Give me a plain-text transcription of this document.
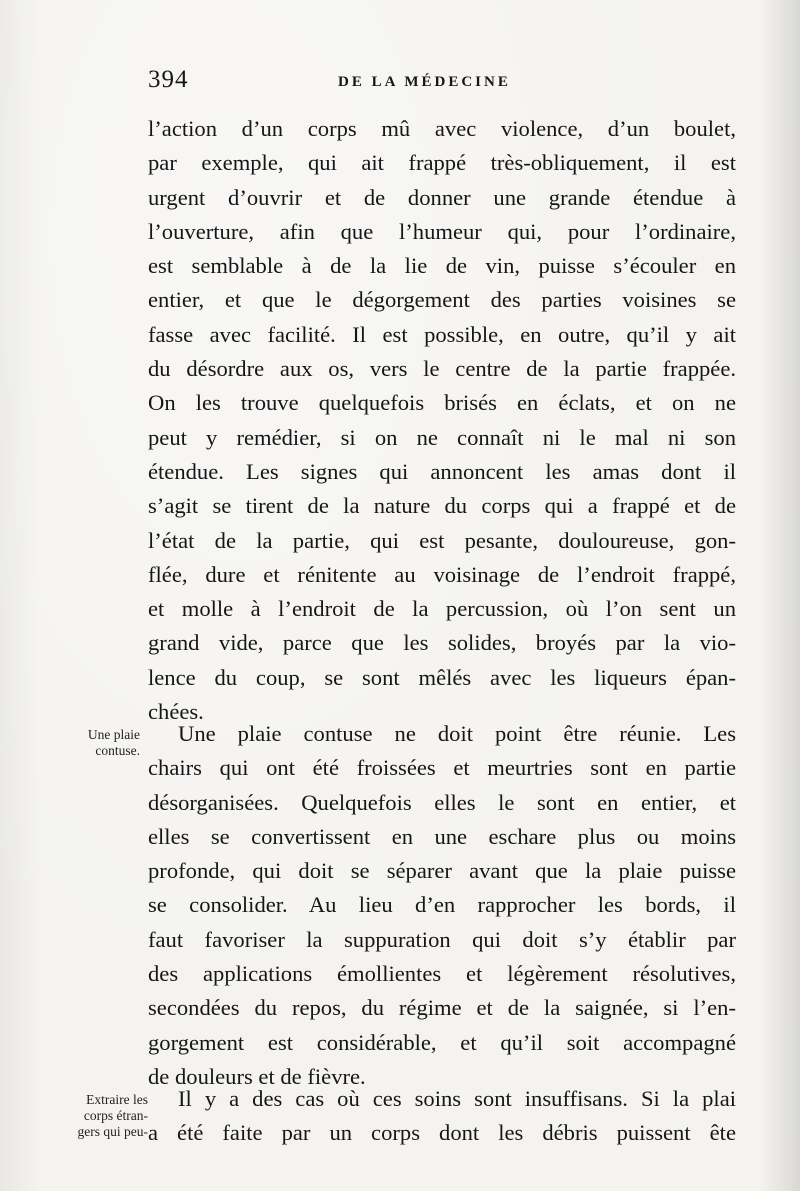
394	DE LA MÉDECINE
l’action d’un corps mû avec violence, d’un boulet,
par exemple, qui ait frappé très-obliquement, il est
urgent d’ouvrir et de donner une grande étendue à
l’ouverture, afin que l’humeur qui, pour l’ordinaire,
est semblable à de la lie de vin, puisse s’écouler en
entier, et que le dégorgement des parties voisines se
fasse avec facilité. Il est possible, en outre, qu’il y ait
du désordre aux os, vers le centre de la partie frappée.
On les trouve quelquefois brisés en éclats, et on ne
peut y remédier, si on ne connaît ni le mal ni son
étendue. Les signes qui annoncent les amas dont il
s’agit se tirent de la nature du corps qui a frappé et de
l’état de la partie, qui est pesante, douloureuse, gon-
flée, dure et rénitente au voisinage de l’endroit frappé,
et molle à l’endroit de la percussion, où l’on sent un
grand vide, parce que les solides, broyés par la vio-
lence du coup, se sont mêlés avec les liqueurs épan-
chées.
Une plaie
contuse.
Une plaie contuse ne doit point être réunie. Les
chairs qui ont été froissées et meurtries sont en partie
désorganisées. Quelquefois elles le sont en entier, et
elles se convertissent en une eschare plus ou moins
profonde, qui doit se séparer avant que la plaie puisse
se consolider. Au lieu d’en rapprocher les bords, il
faut favoriser la suppuration qui doit s’y établir par
des applications émollientes et légèrement résolutives,
secondées du repos, du régime et de la saignée, si l’en-
gorgement est considérable, et qu’il soit accompagné
de douleurs et de fièvre.
Extraire les
corps étran-
gers qui peu-
Il y a des cas où ces soins sont insuffisans. Si la plai
a été faite par un corps dont les débris puissent ête
